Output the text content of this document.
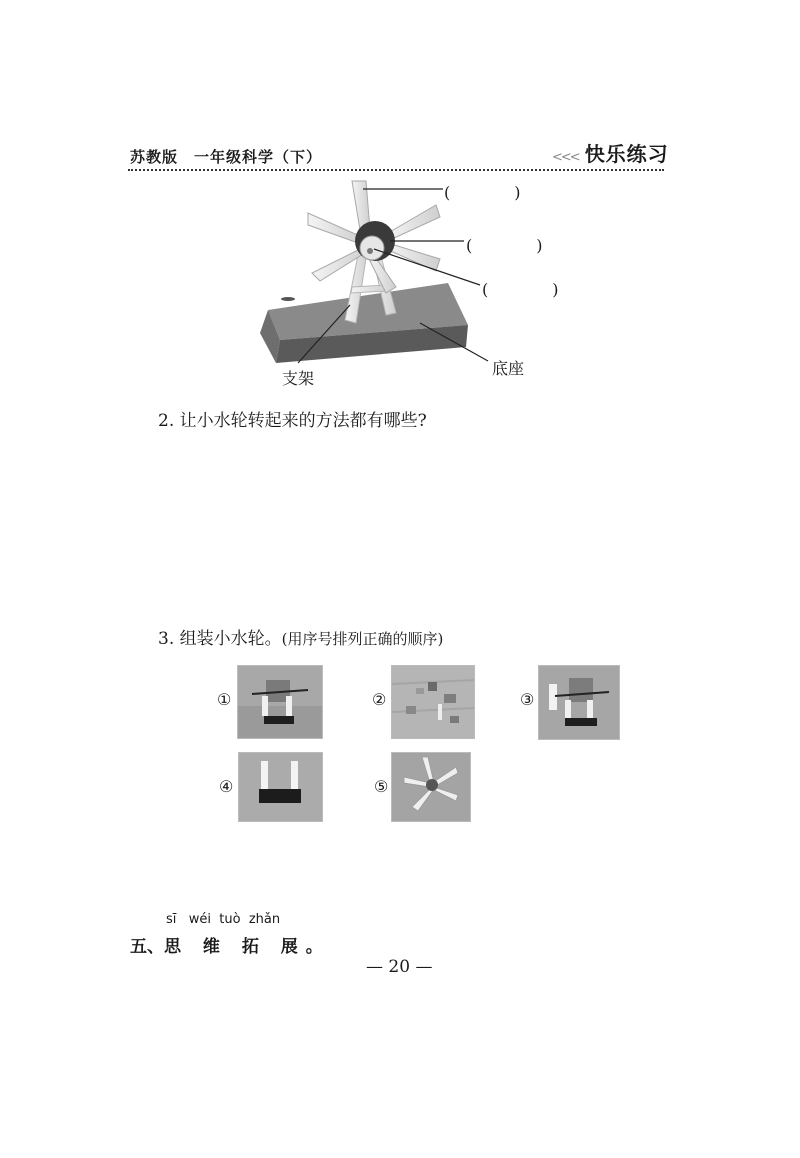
苏教版　一年级科学（下）	<<< 快乐练习
(　　　　)
(　　　　)
(　　　　)
支架
底座
2. 让小水轮转起来的方法都有哪些?
3. 组装小水轮。(用序号排列正确的顺序)
①	②	③
④	⑤
sī   wéi  tuò  zhǎn
五、思 维 拓 展。
— 20 —
